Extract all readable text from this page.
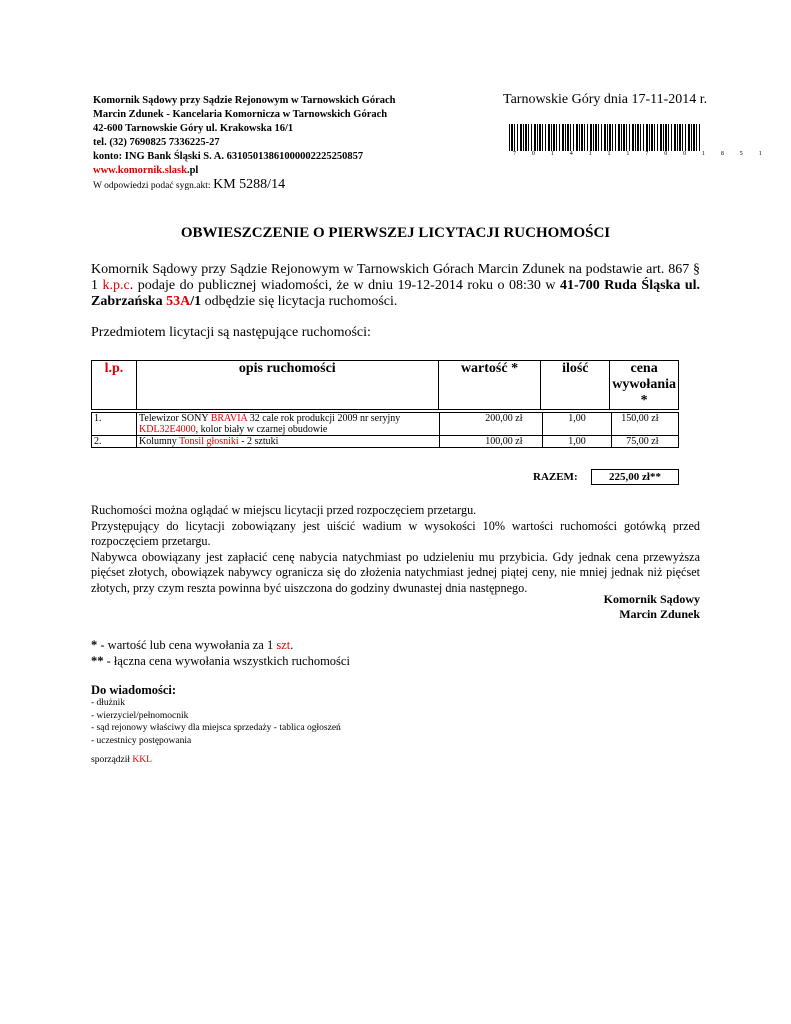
Komornik Sądowy przy Sądzie Rejonowym w Tarnowskich Górach
Marcin Zdunek - Kancelaria Komornicza w Tarnowskich Górach
42-600 Tarnowskie Góry ul. Krakowska 16/1
tel. (32) 7690825 7336225-27
konto: ING Bank Śląski S. A. 63105013861000002225250857
www.komornik.slask.pl
W odpowiedzi podać sygn.akt: KM 5288/14
Tarnowskie Góry dnia 17-11-2014 r.
7 0 1 4 1 1 1 7 0 0 1 8 5 1
OBWIESZCZENIE O PIERWSZEJ LICYTACJI RUCHOMOŚCI
Komornik Sądowy przy Sądzie Rejonowym w Tarnowskich Górach Marcin Zdunek na podstawie art. 867 § 1 k.p.c. podaje do publicznej wiadomości, że w dniu 19-12-2014 roku o 08:30 w 41-700 Ruda Śląska ul. Zabrzańska 53A/1 odbędzie się licytacja ruchomości.
Przedmiotem licytacji są następujące ruchomości:
l.p.	opis ruchomości	wartość *	ilość	cena
wywołania *
1.	Telewizor SONY BRAVIA 32 cale rok produkcji 2009 nr seryjny KDL32E4000, kolor biały w czarnej obudowie	200,00 zł	1,00	150,00 zł
2.	Kolumny Tonsil głosniki - 2 sztuki	100,00 zł	1,00	75,00 zł
RAZEM:	225,00 zł**
Ruchomości można oglądać w miejscu licytacji przed rozpoczęciem przetargu.
Przystępujący do licytacji zobowiązany jest uiścić wadium w wysokości 10% wartości ruchomości gotówką przed rozpoczęciem przetargu.
Nabywca obowiązany jest zapłacić cenę nabycia natychmiast po udzieleniu mu przybicia. Gdy jednak cena przewyższa pięćset złotych, obowiązek nabywcy ogranicza się do złożenia natychmiast jednej piątej ceny, nie mniej jednak niż pięćset złotych, przy czym reszta powinna być uiszczona do godziny dwunastej dnia następnego.
Komornik Sądowy
Marcin Zdunek
* - wartość lub cena wywołania za 1 szt.
** - łączna cena wywołania wszystkich ruchomości
Do wiadomości:
- dłużnik
- wierzyciel/pełnomocnik
- sąd rejonowy właściwy dla miejsca sprzedaży - tablica ogłoszeń
- uczestnicy postępowania
sporządził KKL
